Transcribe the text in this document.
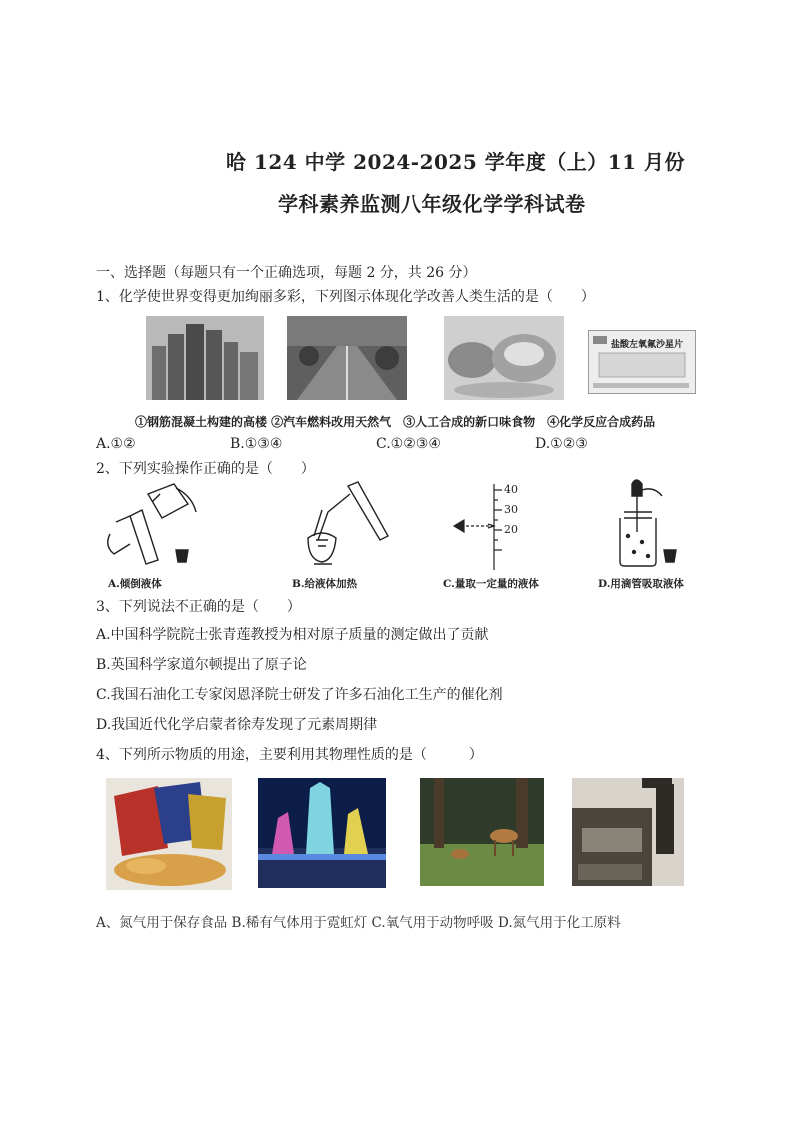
哈 124 中学 2024-2025 学年度（上）11 月份
学科素养监测八年级化学学科试卷
一、选择题（每题只有一个正确选项，每题 2 分，共 26 分）
1、化学使世界变得更加绚丽多彩，下列图示体现化学改善人类生活的是（　　）
盐酸左氧氟沙星片
①钢筋混凝土构建的高楼 ②汽车燃料改用天然气　③人工合成的新口味食物　④化学反应合成药品
A.①②	B.①③④	C.①②③④	D.①②③
2、下列实验操作正确的是（　　）
A.倾倒液体	B.给液体加热
40
30
20
C.量取一定量的液体	D.用滴管吸取液体
3、下列说法不正确的是（　　）
A.中国科学院院士张青莲教授为相对原子质量的测定做出了贡献
B.英国科学家道尔顿提出了原子论
C.我国石油化工专家闵恩泽院士研发了许多石油化工生产的催化剂
D.我国近代化学启蒙者徐寿发现了元素周期律
4、下列所示物质的用途，主要利用其物理性质的是（　　　）
A、氮气用于保存食品 B.稀有气体用于霓虹灯 C.氧气用于动物呼吸 D.氮气用于化工原料
